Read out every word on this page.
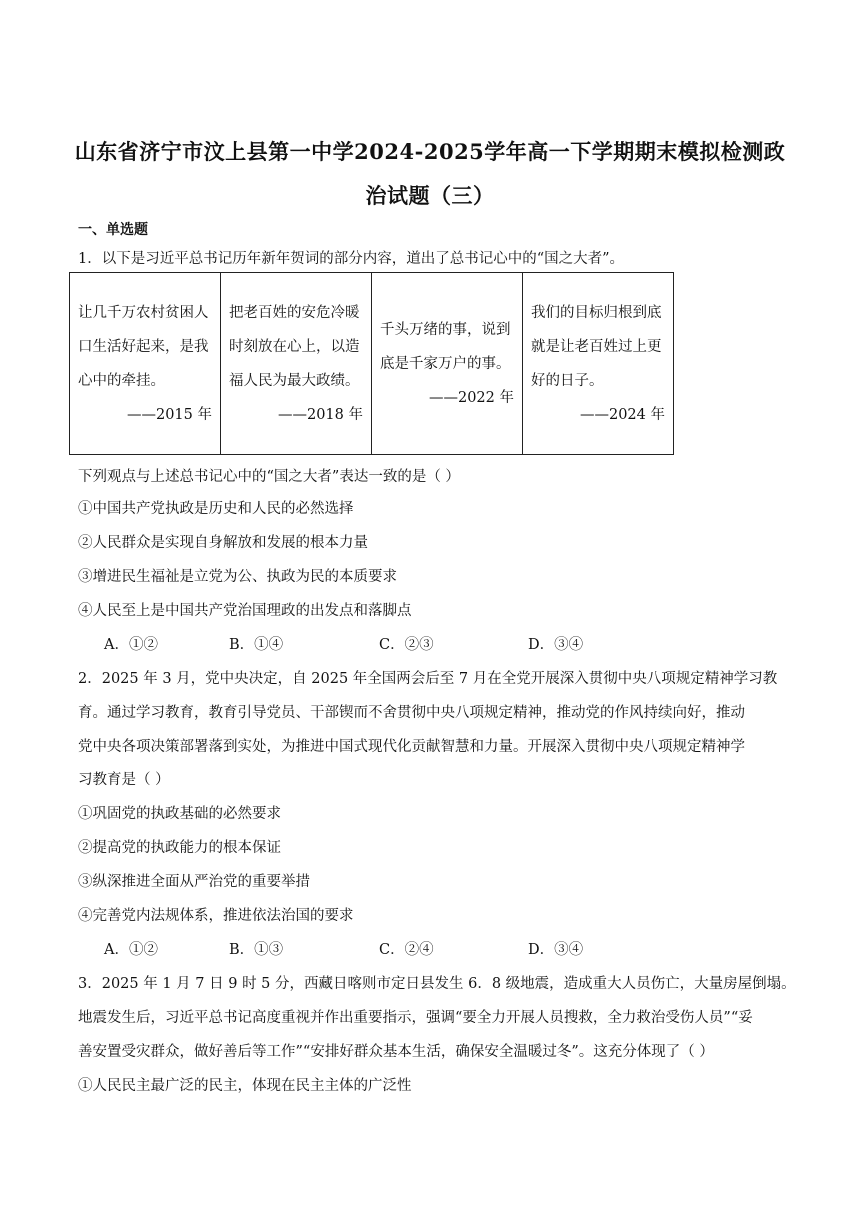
山东省济宁市汶上县第一中学2024-2025学年高一下学期期末模拟检测政
治试题（三）
一、单选题
1．以下是习近平总书记历年新年贺词的部分内容，道出了总书记心中的“国之大者”。
让几千万农村贫困人口生活好起来，是我心中的牵挂。
——2015 年

把老百姓的安危冷暖时刻放在心上，以造福人民为最大政绩。
——2018 年

千头万绪的事，说到底是千家万户的事。
——2022 年

我们的目标归根到底就是让老百姓过上更好的日子。
——2024 年
下列观点与上述总书记心中的“国之大者”表达一致的是（ ）
①中国共产党执政是历史和人民的必然选择
②人民群众是实现自身解放和发展的根本力量
③增进民生福祉是立党为公、执政为民的本质要求
④人民至上是中国共产党治国理政的出发点和落脚点
A．①②	B．①④	C．②③	D．③④
2．2025 年 3 月，党中央决定，自 2025 年全国两会后至 7 月在全党开展深入贯彻中央八项规定精神学习教
育。通过学习教育，教育引导党员、干部锲而不舍贯彻中央八项规定精神，推动党的作风持续向好，推动
党中央各项决策部署落到实处，为推进中国式现代化贡献智慧和力量。开展深入贯彻中央八项规定精神学
习教育是（ ）
①巩固党的执政基础的必然要求
②提高党的执政能力的根本保证
③纵深推进全面从严治党的重要举措
④完善党内法规体系，推进依法治国的要求
A．①②	B．①③	C．②④	D．③④
3．2025 年 1 月 7 日 9 时 5 分，西藏日喀则市定日县发生 6．8 级地震，造成重大人员伤亡，大量房屋倒塌。
地震发生后，习近平总书记高度重视并作出重要指示，强调“要全力开展人员搜救，全力救治受伤人员”“妥
善安置受灾群众，做好善后等工作”“安排好群众基本生活，确保安全温暖过冬”。这充分体现了（ ）
①人民民主最广泛的民主，体现在民主主体的广泛性
